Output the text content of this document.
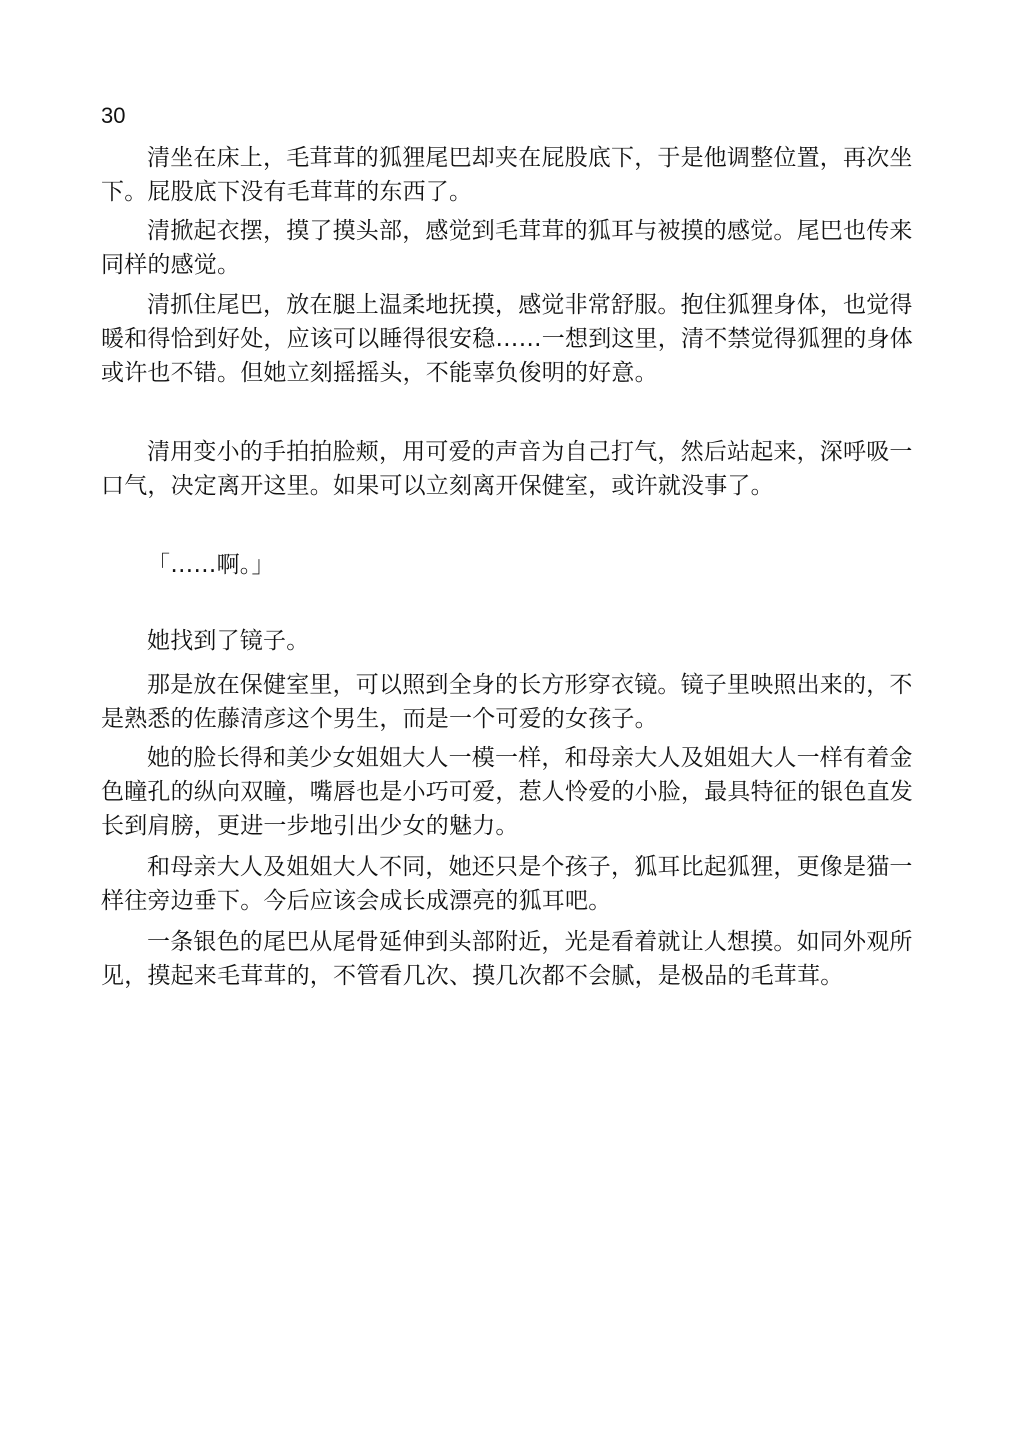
30

清坐在床上，毛茸茸的狐狸尾巴却夹在屁股底下，于是他调整位置，再次坐下。屁股底下没有毛茸茸的东西了。

清掀起衣摆，摸了摸头部，感觉到毛茸茸的狐耳与被摸的感觉。尾巴也传来同样的感觉。

清抓住尾巴，放在腿上温柔地抚摸，感觉非常舒服。抱住狐狸身体，也觉得暖和得恰到好处，应该可以睡得很安稳……一想到这里，清不禁觉得狐狸的身体或许也不错。但她立刻摇摇头，不能辜负俊明的好意。

清用变小的手拍拍脸颊，用可爱的声音为自己打气，然后站起来，深呼吸一口气，决定离开这里。如果可以立刻离开保健室，或许就没事了。

「……啊。」

她找到了镜子。

那是放在保健室里，可以照到全身的长方形穿衣镜。镜子里映照出来的，不是熟悉的佐藤清彦这个男生，而是一个可爱的女孩子。

她的脸长得和美少女姐姐大人一模一样，和母亲大人及姐姐大人一样有着金色瞳孔的纵向双瞳，嘴唇也是小巧可爱，惹人怜爱的小脸，最具特征的银色直发长到肩膀，更进一步地引出少女的魅力。

和母亲大人及姐姐大人不同，她还只是个孩子，狐耳比起狐狸，更像是猫一样往旁边垂下。今后应该会成长成漂亮的狐耳吧。

一条银色的尾巴从尾骨延伸到头部附近，光是看着就让人想摸。如同外观所见，摸起来毛茸茸的，不管看几次、摸几次都不会腻，是极品的毛茸茸。
